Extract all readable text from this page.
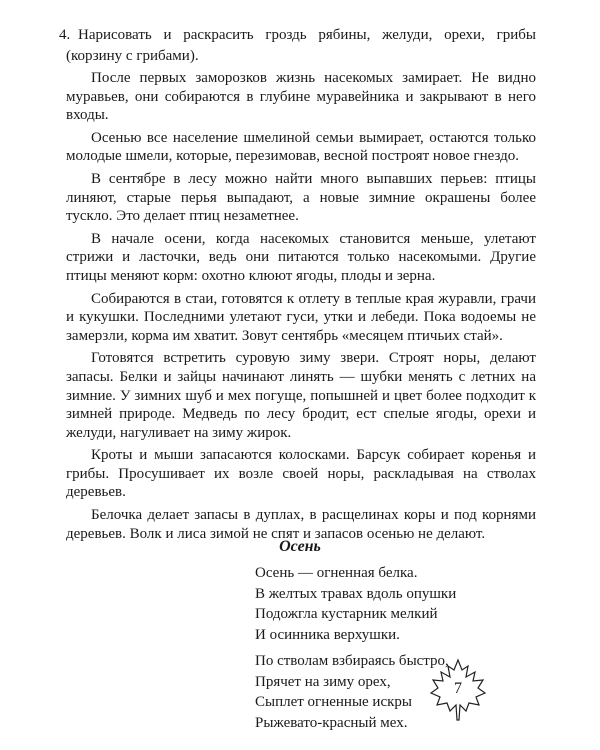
4. Нарисовать и раскрасить гроздь рябины, желуди, орехи, грибы (корзину с грибами).

После первых заморозков жизнь насекомых замирает. Не видно муравьев, они собираются в глубине муравейника и закрывают в него входы.

Осенью все население шмелиной семьи вымирает, остаются только молодые шмели, которые, перезимовав, весной построят новое гнездо.

В сентябре в лесу можно найти много выпавших перьев: птицы линяют, старые перья выпадают, а новые зимние окрашены более тускло. Это делает птиц незаметнее.

В начале осени, когда насекомых становится меньше, улетают стрижи и ласточки, ведь они питаются только насекомыми. Другие птицы меняют корм: охотно клюют ягоды, плоды и зерна.

Собираются в стаи, готовятся к отлету в теплые края журавли, грачи и кукушки. Последними улетают гуси, утки и лебеди. Пока водоемы не замерзли, корма им хватит. Зовут сентябрь «месяцем птичьих стай».

Готовятся встретить суровую зиму звери. Строят норы, делают запасы. Белки и зайцы начинают линять — шубки менять с летних на зимние. У зимних шуб и мех погуще, попышней и цвет более подходит к зимней природе. Медведь по лесу бродит, ест спелые ягоды, орехи и желуди, нагуливает на зиму жирок.

Кроты и мыши запасаются колосками. Барсук собирает коренья и грибы. Просушивает их возле своей норы, раскладывая на стволах деревьев.

Белочка делает запасы в дуплах, в расщелинах коры и под корнями деревьев. Волк и лиса зимой не спят и запасов осенью не делают.

Осень
Осень — огненная белка.
В желтых травах вдоль опушки
Подожгла кустарник мелкий
И осинника верхушки.
По стволам взбираясь быстро,
Прячет на зиму орех,
Сыплет огненные искры
Рыжевато-красный мех.
7
